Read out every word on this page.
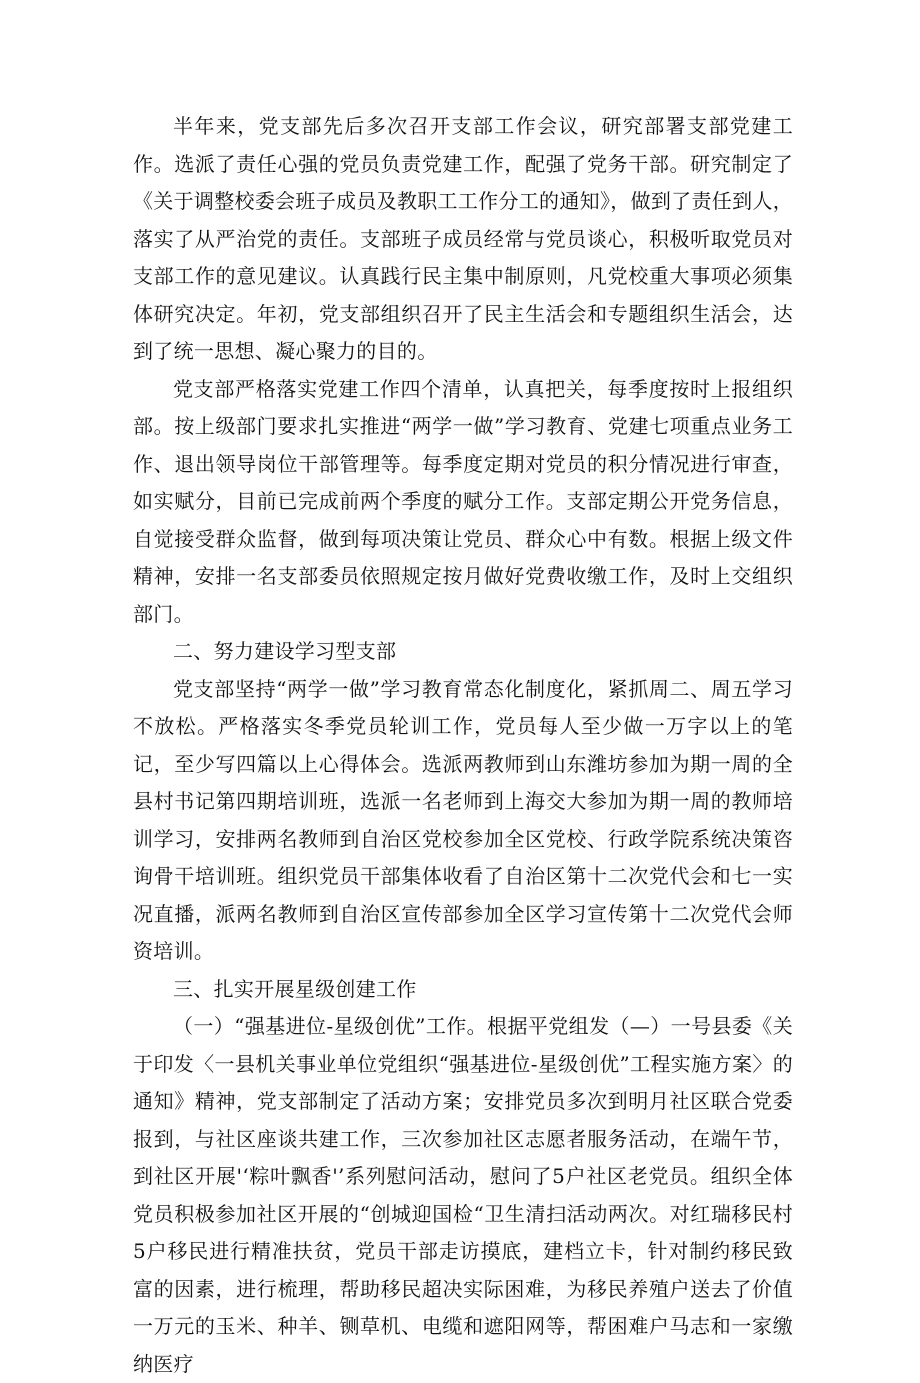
半年来，党支部先后多次召开支部工作会议，研究部署支部党建工作。选派了责任心强的党员负责党建工作，配强了党务干部。研究制定了《关于调整校委会班子成员及教职工工作分工的通知》，做到了责任到人，落实了从严治党的责任。支部班子成员经常与党员谈心，积极听取党员对支部工作的意见建议。认真践行民主集中制原则，凡党校重大事项必须集体研究决定。年初，党支部组织召开了民主生活会和专题组织生活会，达到了统一思想、凝心聚力的目的。

党支部严格落实党建工作四个清单，认真把关，每季度按时上报组织部。按上级部门要求扎实推进“两学一做”学习教育、党建七项重点业务工作、退出领导岗位干部管理等。每季度定期对党员的积分情况进行审查，如实赋分，目前已完成前两个季度的赋分工作。支部定期公开党务信息，自觉接受群众监督，做到每项决策让党员、群众心中有数。根据上级文件精神，安排一名支部委员依照规定按月做好党费收缴工作，及时上交组织部门。

二、努力建设学习型支部

党支部坚持“两学一做”学习教育常态化制度化，紧抓周二、周五学习不放松。严格落实冬季党员轮训工作，党员每人至少做一万字以上的笔记，至少写四篇以上心得体会。选派两教师到山东潍坊参加为期一周的全县村书记第四期培训班，选派一名老师到上海交大参加为期一周的教师培训学习，安排两名教师到自治区党校参加全区党校、行政学院系统决策咨询骨干培训班。组织党员干部集体收看了自治区第十二次党代会和七一实况直播，派两名教师到自治区宣传部参加全区学习宣传第十二次党代会师资培训。

三、扎实开展星级创建工作

（一）“强基进位-星级创优”工作。根据平党组发（—）一号县委《关于印发〈一县机关事业单位党组织“强基进位-星级创优”工程实施方案〉的通知》精神，党支部制定了活动方案；安排党员多次到明月社区联合党委报到，与社区座谈共建工作，三次参加社区志愿者服务活动，在端午节，到社区开展'‘粽叶飘香'’系列慰问活动，慰问了5户社区老党员。组织全体党员积极参加社区开展的“创城迎国检“卫生清扫活动两次。对红瑞移民村5户移民进行精准扶贫，党员干部走访摸底，建档立卡，针对制约移民致富的因素，进行梳理，帮助移民超决实际困难，为移民养殖户送去了价值一万元的玉米、种羊、铡草机、电缆和遮阳网等，帮困难户马志和一家缴纳医疗
